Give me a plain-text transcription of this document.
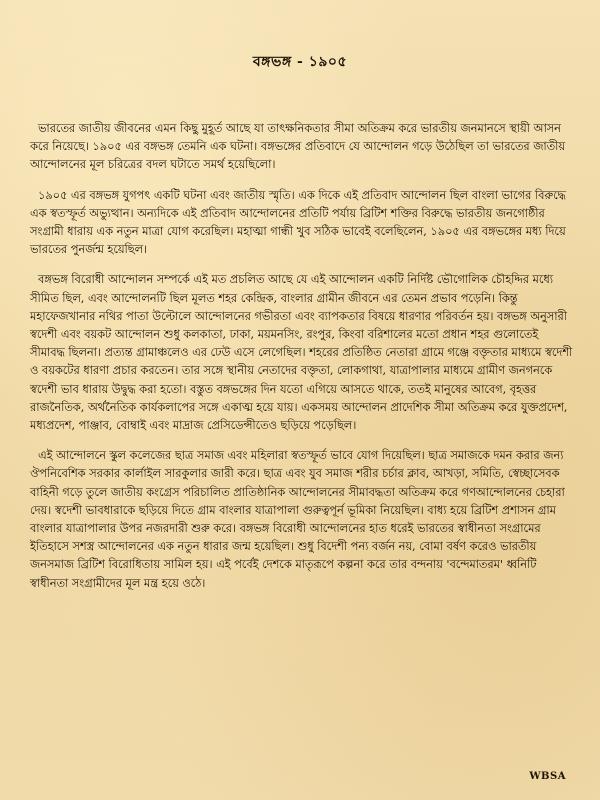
বঙ্গভঙ্গ - ১৯০৫

ভারতের জাতীয় জীবনের এমন কিছু মুহূর্ত আছে যা তাৎক্ষনিকতার সীমা অতিক্রম করে ভারতীয় জনমানসে স্থায়ী আসন করে নিয়েছে। ১৯০৫ এর বঙ্গভঙ্গ তেমনি এক ঘটনা। বঙ্গভঙ্গের প্রতিবাদে যে আন্দোলন গড়ে উঠেছিল তা ভারতের জাতীয় আন্দোলনের মূল চরিত্রের বদল ঘটাতে সমর্থ হয়েছিলো।

১৯০৫ এর বঙ্গভঙ্গ যুগপৎ একটি ঘটনা এবং জাতীয় স্মৃতি। এক দিকে এই প্রতিবাদ আন্দোলন ছিল বাংলা ভাগের বিরুদ্ধে এক স্বতস্ফূর্ত অভ্যুত্থান। অন্যদিকে এই প্রতিবাদ আন্দোলনের প্রতিটি পর্যায় ব্রিটিশ শক্তির বিরুদ্ধে ভারতীয় জনগোষ্ঠীর সংগ্রামী ধারায় এক নতুন মাত্রা যোগ করেছিল। মহাত্মা গান্ধী খুব সঠিক ভাবেই বলেছিলেন, ১৯০৫ এর বঙ্গভঙ্গের মধ্য দিয়ে ভারতের পুনর্জন্ম হয়েছিল।

বঙ্গভঙ্গ বিরোধী আন্দোলন সম্পর্কে এই মত প্রচলিত আছে যে এই আন্দোলন একটি নির্দিষ্ট ভৌগোলিক চৌহদ্দির মধ্যে সীমিত ছিল, এবং আন্দোলনটি ছিল মূলত শহর কেন্দ্রিক, বাংলার গ্রামীন জীবনে এর তেমন প্রভাব পড়েনি। কিন্তু মহাফেজখানার নথির পাতা উল্টোলে আন্দোলনের গভীরতা এবং ব্যাপকতার বিষয়ে ধারণার পরিবর্তন হয়। বঙ্গভঙ্গ অনুসারী স্বদেশী এবং বয়কট আন্দোলন শুধু কলকাতা, ঢাকা, ময়মনসিং, রংপুর, কিংবা বরিশালের মতো প্রধান শহর গুলোতেই সীমাবদ্ধ ছিলনা। প্রত্যন্ত গ্রামাঞ্চলেও এর ঢেউ এসে লেগেছিল। শহরের প্রতিষ্ঠিত নেতারা গ্রামে গঞ্জে বক্তৃতার মাধ্যমে স্বদেশী ও বয়কটের ধারণা প্রচার করতেন। তার সঙ্গে স্থানীয় নেতাদের বক্তৃতা, লোকগাথা, যাত্রাপালার মাধ্যমে গ্রামীণ জনগনকে স্বদেশী ভাব ধারায় উদ্বুদ্ধ করা হতো। বস্তুত বঙ্গভঙ্গের দিন যতো এগিয়ে আসতে থাকে, ততই মানুষের আবেগ, বৃহত্তর রাজনৈতিক, অর্থনৈতিক কার্যকলাপের সঙ্গে একাত্ম হয়ে যায়। একসময় আন্দোলন প্রাদেশিক সীমা অতিক্রম করে যুক্তপ্রদেশ, মধ্যপ্রদেশ, পাঞ্জাব, বোম্বাই এবং মাদ্রাজ প্রেসিডেন্সীতেও ছড়িয়ে পড়েছিল।

এই আন্দোলনে স্কুল কলেজের ছাত্র সমাজ এবং মহিলারা স্বতস্ফূর্ত ভাবে যোগ দিয়েছিল। ছাত্র সমাজকে দমন করার জন্য ঔপনিবেশিক সরকার কার্লাইল সারকুলার জারী করে। ছাত্র এবং যুব সমাজ শরীর চর্চার ক্লাব, আখড়া, সমিতি, স্বেচ্ছাসেবক বাহিনী গড়ে তুলে জাতীয় কংগ্রেস পরিচালিত প্রাতিষ্ঠানিক আন্দোলনের সীমাবদ্ধতা অতিক্রম করে গণআন্দোলনের চেহারা দেয়। স্বদেশী ভাবধারাকে ছড়িয়ে দিতে গ্রাম বাংলার যাত্রাপালা গুরুত্বপূর্ন ভূমিকা নিয়েছিল। বাধ্য হয়ে ব্রিটিশ প্রশাসন গ্রাম বাংলার যাত্রাপালার উপর নজরদারী শুরু করে। বঙ্গভঙ্গ বিরোধী আন্দোলনের হাত ধরেই ভারতের স্বাধীনতা সংগ্রামের ইতিহাসে সশস্ত্র আন্দোলনের এক নতুন ধারার জন্ম হয়েছিল। শুধু বিদেশী পন্য বর্জন নয়, বোমা বর্ষণ করেও ভারতীয় জনসমাজ ব্রিটিশ বিরোধিতায় সামিল হয়। এই পর্বেই দেশকে মাতৃরূপে কল্পনা করে তার বন্দনায় 'বন্দেমাতরম' ধ্বনিটি স্বাধীনতা সংগ্রামীদের মূল মন্ত্র হয়ে ওঠে।

WBSA
